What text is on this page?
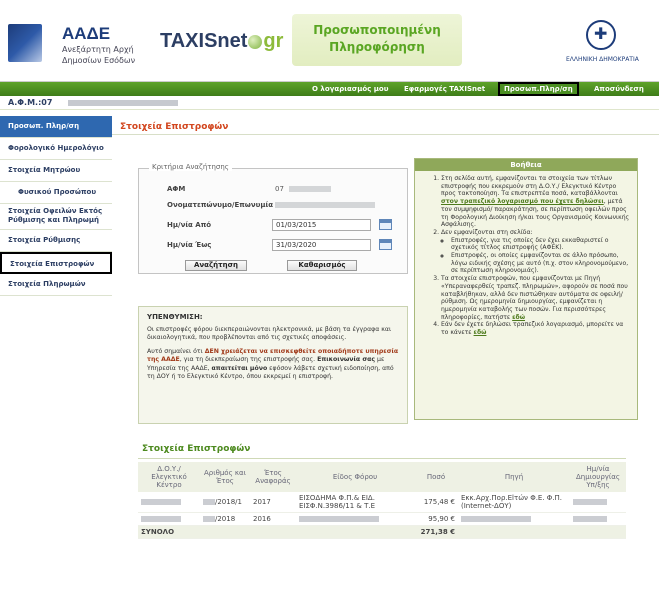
ΑΑΔΕ
Ανεξάρτητη Αρχή Δημοσίων Εσόδων
TAXISnet gr	Προσωποποιημένη Πληροφόρηση
✚
ΕΛΛΗΝΙΚΗ ΔΗΜΟΚΡΑΤΙΑ
Ο λογαριασμός μου	Εφαρμογές TAXISnet	Προσωπ.Πληρ/ση	Αποσύνδεση
Α.Φ.Μ.:07
Προσωπ. Πληρ/ση
Φορολογικό Ημερολόγιο
Στοιχεία Μητρώου
Φυσικού Προσώπου
Στοιχεία Οφειλών Εκτός Ρύθμισης και Πληρωμή
Στοιχεία Ρύθμισης
Στοιχεία Επιστροφών
Στοιχεία Πληρωμών
Στοιχεία Επιστροφών
Κριτήρια Αναζήτησης
ΑΦΜ	07
Ονοματεπώνυμο/Επωνυμία
Ημ/νία Από
01/03/2015
Ημ/νία Έως
31/03/2020
Αναζήτηση	Καθαρισμός
ΥΠΕΝΘΥΜΙΣΗ:

Οι επιστροφές φόρου διεκπεραιώνονται ηλεκτρονικά, με βάση τα έγγραφα και δικαιολογητικά, που προβλέπονται από τις σχετικές αποφάσεις.

Αυτό σημαίνει ότι ΔΕΝ χρειάζεται να επισκεφθείτε οποιαδήποτε υπηρεσία της ΑΑΔΕ, για τη διεκπεραίωση της επιστροφής σας. Επικοινωνία σας με Υπηρεσία της ΑΑΔΕ, απαιτείται μόνο εφόσον λάβετε σχετική ειδοποίηση, από τη ΔΟΥ ή το Ελεγκτικό Κέντρο, όπου εκκρεμεί η επιστροφή.

Βοήθεια
1. Στη σελίδα αυτή, εμφανίζονται τα στοιχεία των τίτλων επιστροφής που εκκρεμούν στη Δ.Ο.Υ./ Ελεγκτικό Κέντρο προς τακτοποίηση. Τα επιστρεπτέα ποσά, καταβάλλονται στον τραπεζικό λογαριασμό που έχετε δηλώσει, μετά τον συμψηφισμό/ παρακράτηση, σε περίπτωση οφειλών προς τη Φορολογική Διοίκηση ή/και τους Οργανισμούς Κοινωνικής Ασφάλισης.
2. Δεν εμφανίζονται στη σελίδα:
◦ Επιστροφές, για τις οποίες δεν έχει εκκαθαριστεί ο σχετικός τίτλος επιστροφής (ΑΦΕΚ).
◦ Επιστροφές, οι οποίες εμφανίζονται σε άλλο πρόσωπο, λόγω ειδικής σχέσης με αυτό (π.χ. στον κληρονομούμενο, σε περίπτωση κληρονομιάς).
3. Τα στοιχεία επιστροφών, που εμφανίζονται με Πηγή «Υπεραναφερθείς τραπεζ. πληρωμών», αφορούν σε ποσά που καταβλήθηκαν, αλλά δεν πιστώθηκαν αυτόματα σε οφειλή/ρύθμιση. Ως ημερομηνία δημιουργίας, εμφανίζεται η ημερομηνία καταβολής των ποσών. Για περισσότερες πληροφορίες, πατήστε εδώ
4. Εάν δεν έχετε δηλώσει τραπεζικό λογαριασμό, μπορείτε να το κάνετε εδώ
Στοιχεία Επιστροφών
Δ.Ο.Υ./ Ελεγκτικό Κέντρο	Αριθμός και Έτος	Έτος Αναφοράς	Είδος Φόρου	Ποσό	Πηγή	Ημ/νία Δημιουργίας Υπ/ξης
	/2018/1	2017	ΕΙΣΟΔΗΜΑ Φ.Π.& ΕΙΔ. ΕΙΣΦ.Ν.3986/11 & Τ.Ε	175,48 €	Εκκ.Αρχ.Πορ.Εlτών Φ.Ε. Φ.Π. (Internet-ΔΟΥ)	
	/2018	2016		95,90 €		
ΣΥΝΟΛΟ				271,38 €		
